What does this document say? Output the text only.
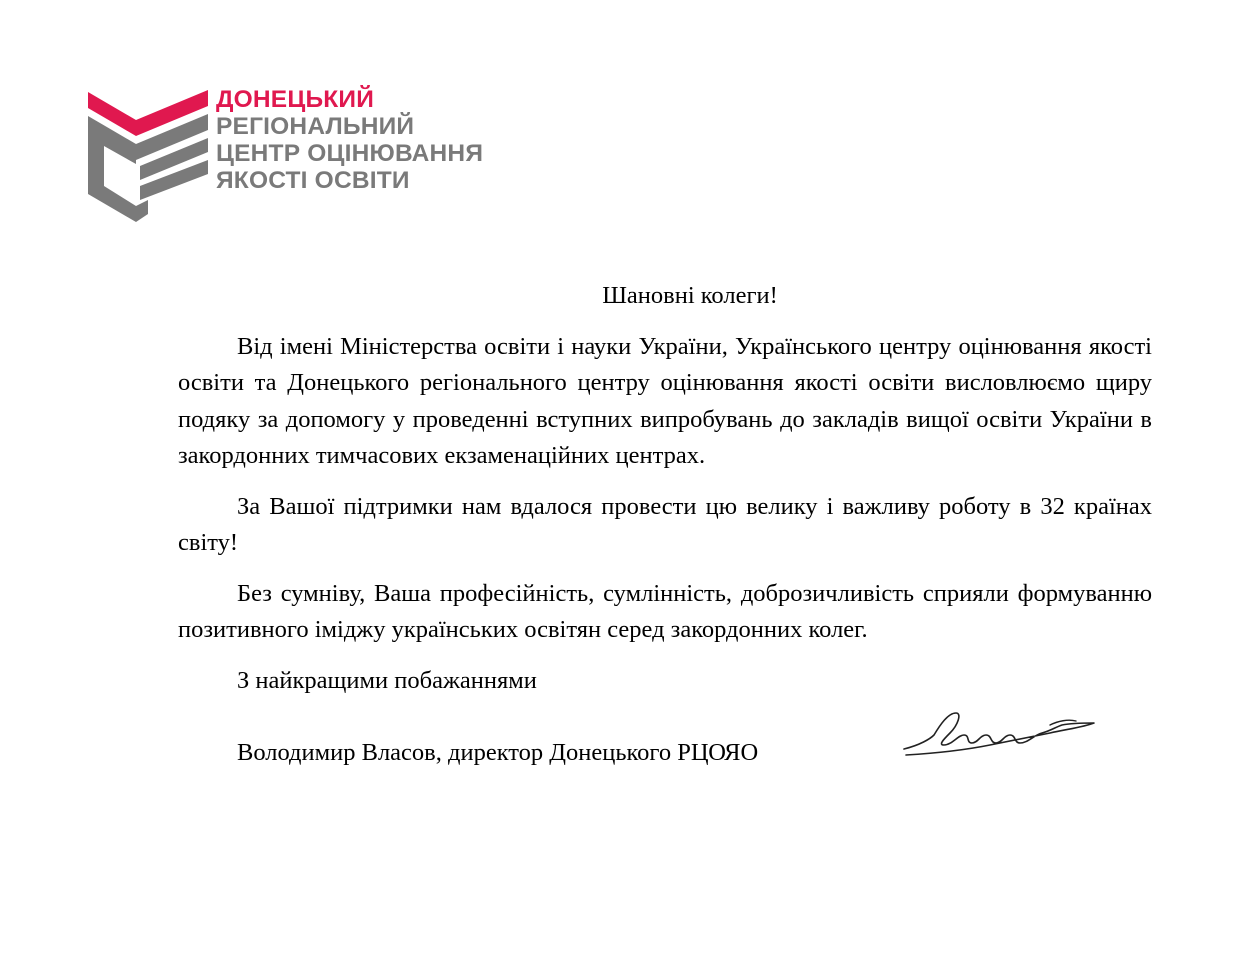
ДОНЕЦЬКИЙ
РЕГІОНАЛЬНИЙ
ЦЕНТР ОЦІНЮВАННЯ
ЯКОСТІ ОСВІТИ

Шановні колеги!

Від імені Міністерства освіти і науки України, Українського центру оцінювання якості освіти та Донецького регіонального центру оцінювання якості освіти висловлюємо щиру подяку за допомогу у проведенні вступних випробувань до закладів вищої освіти України в закордонних тимчасових екзаменаційних центрах.

За Вашої підтримки нам вдалося провести цю велику і важливу роботу в 32 країнах світу!

Без сумніву, Ваша професійність, сумлінність, доброзичливість сприяли формуванню позитивного іміджу українських освітян серед закордонних колег.

З найкращими побажаннями

Володимир Власов, директор Донецького РЦОЯО
